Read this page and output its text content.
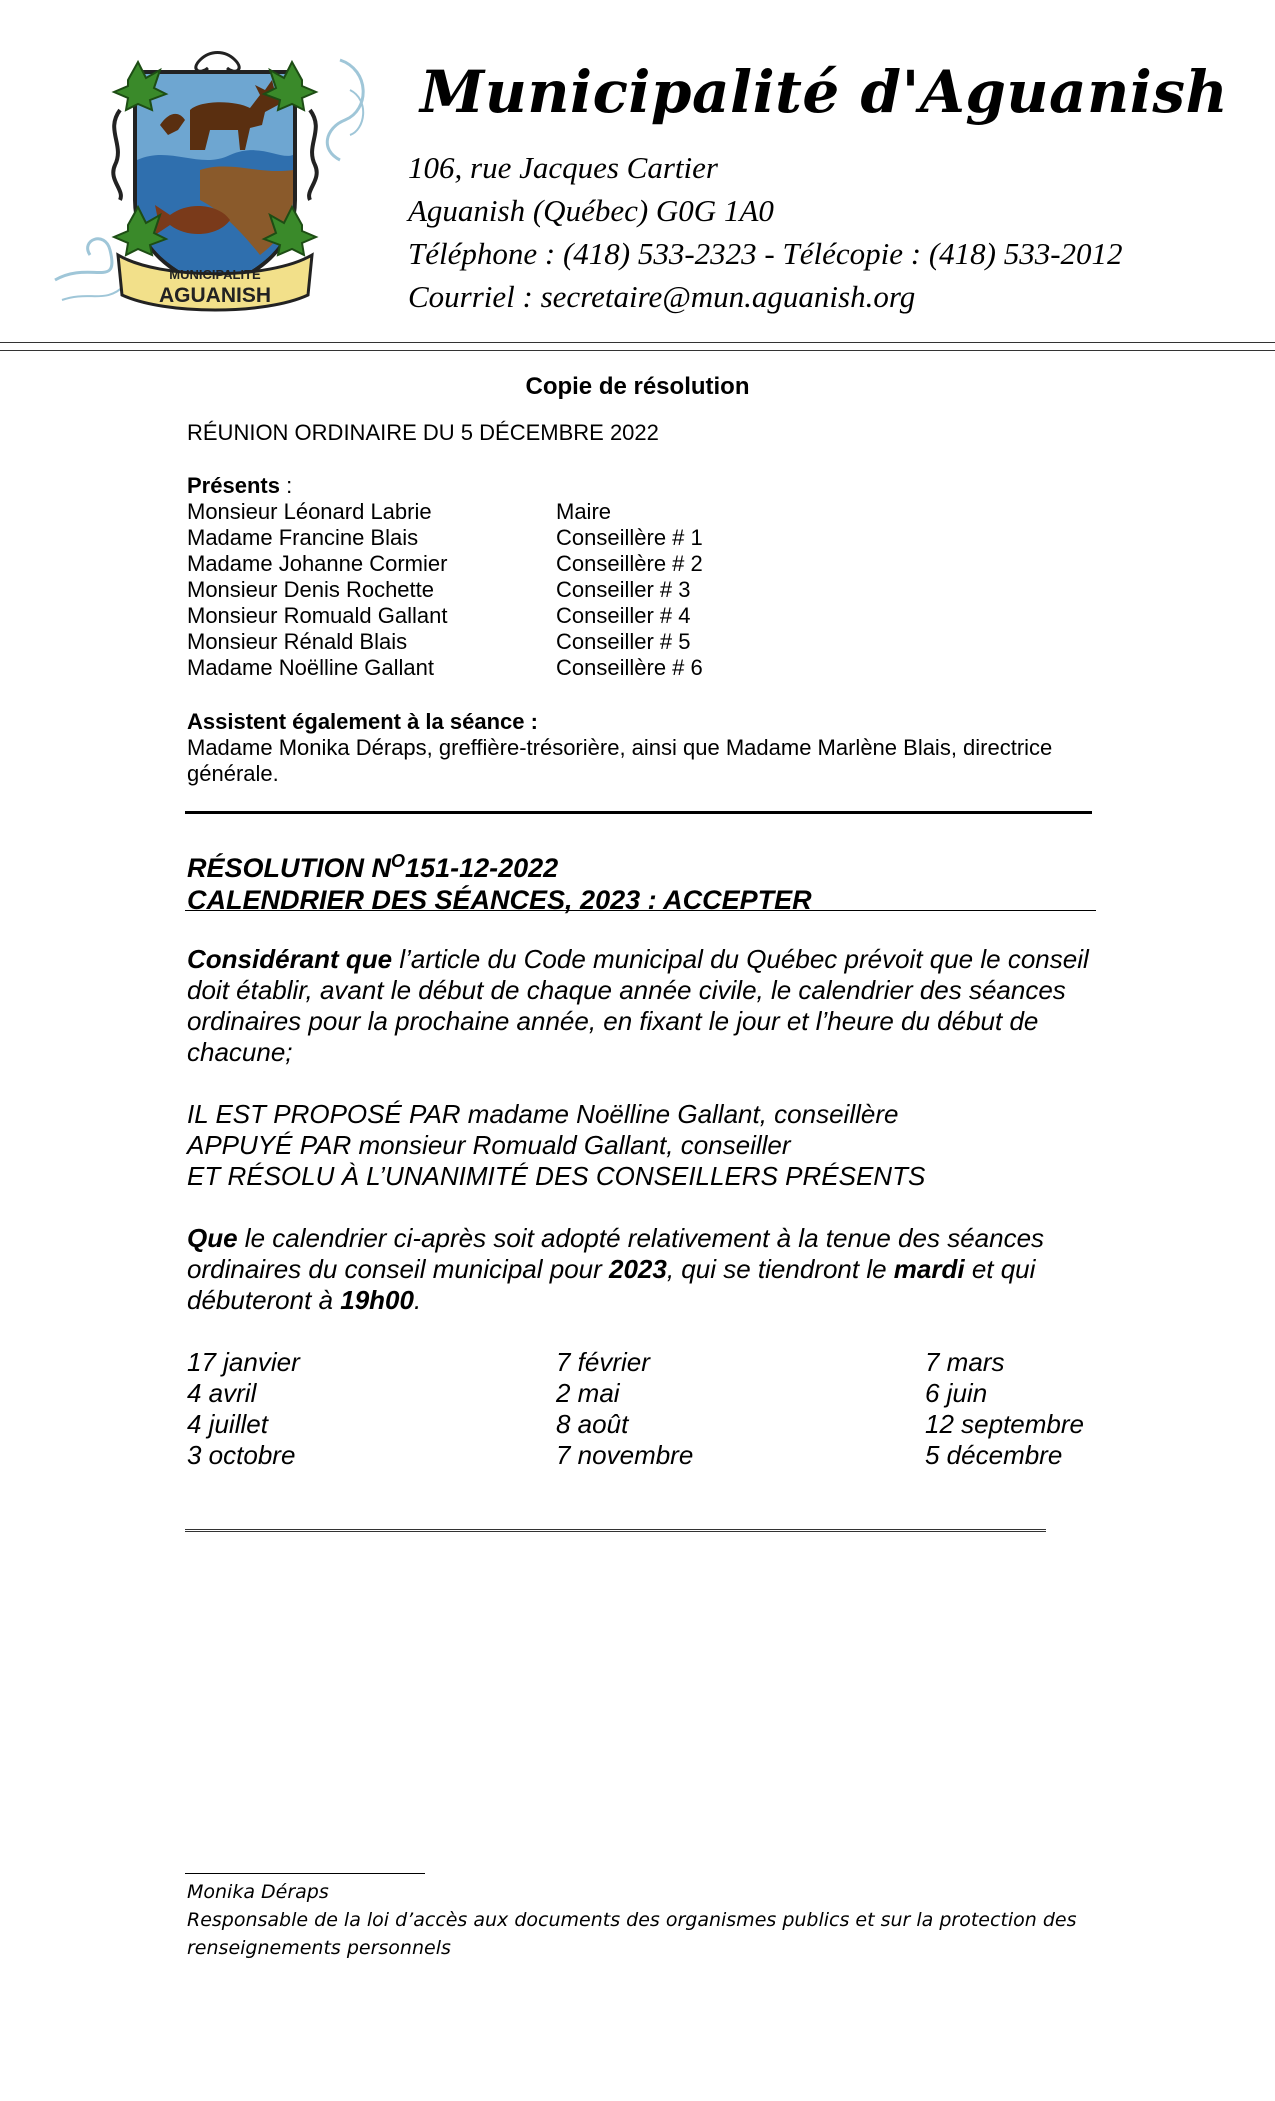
MUNICIPALITÉ
AGUANISH
Municipalité d'Aguanish
106, rue Jacques Cartier
Aguanish (Québec) G0G 1A0
Téléphone : (418) 533-2323 - Télécopie : (418) 533-2012
Courriel : secretaire@mun.aguanish.org
Copie de résolution
RÉUNION ORDINAIRE DU 5 DÉCEMBRE 2022
Présents :
Monsieur Léonard Labrie	Maire
Madame Francine Blais	Conseillère # 1
Madame Johanne Cormier	Conseillère # 2
Monsieur Denis Rochette	Conseiller # 3
Monsieur Romuald Gallant	Conseiller # 4
Monsieur Rénald Blais	Conseiller # 5
Madame Noëlline Gallant	Conseillère # 6
Assistent également à la séance :
Madame Monika Déraps, greffière-trésorière, ainsi que Madame Marlène Blais, directrice générale.
RÉSOLUTION $N^O151-12-2022$
CALENDRIER DES SÉANCES, 2023 : ACCEPTER
Considérant que l’article du Code municipal du Québec prévoit que le conseil doit établir, avant le début de chaque année civile, le calendrier des séances ordinaires pour la prochaine année, en fixant le jour et l’heure du début de chacune;
IL EST PROPOSÉ PAR madame Noëlline Gallant, conseillère
APPUYÉ PAR monsieur Romuald Gallant, conseiller
ET RÉSOLU À L’UNANIMITÉ DES CONSEILLERS PRÉSENTS
Que le calendrier ci-après soit adopté relativement à la tenue des séances ordinaires du conseil municipal pour 2023, qui se tiendront le mardi et qui débuteront à 19h00.
17 janvier	7 février	7 mars
4 avril	2 mai	6 juin
4 juillet	8 août	12 septembre
3 octobre	7 novembre	5 décembre
Monika Déraps
Responsable de la loi d’accès aux documents des organismes publics et sur la protection des renseignements personnels
